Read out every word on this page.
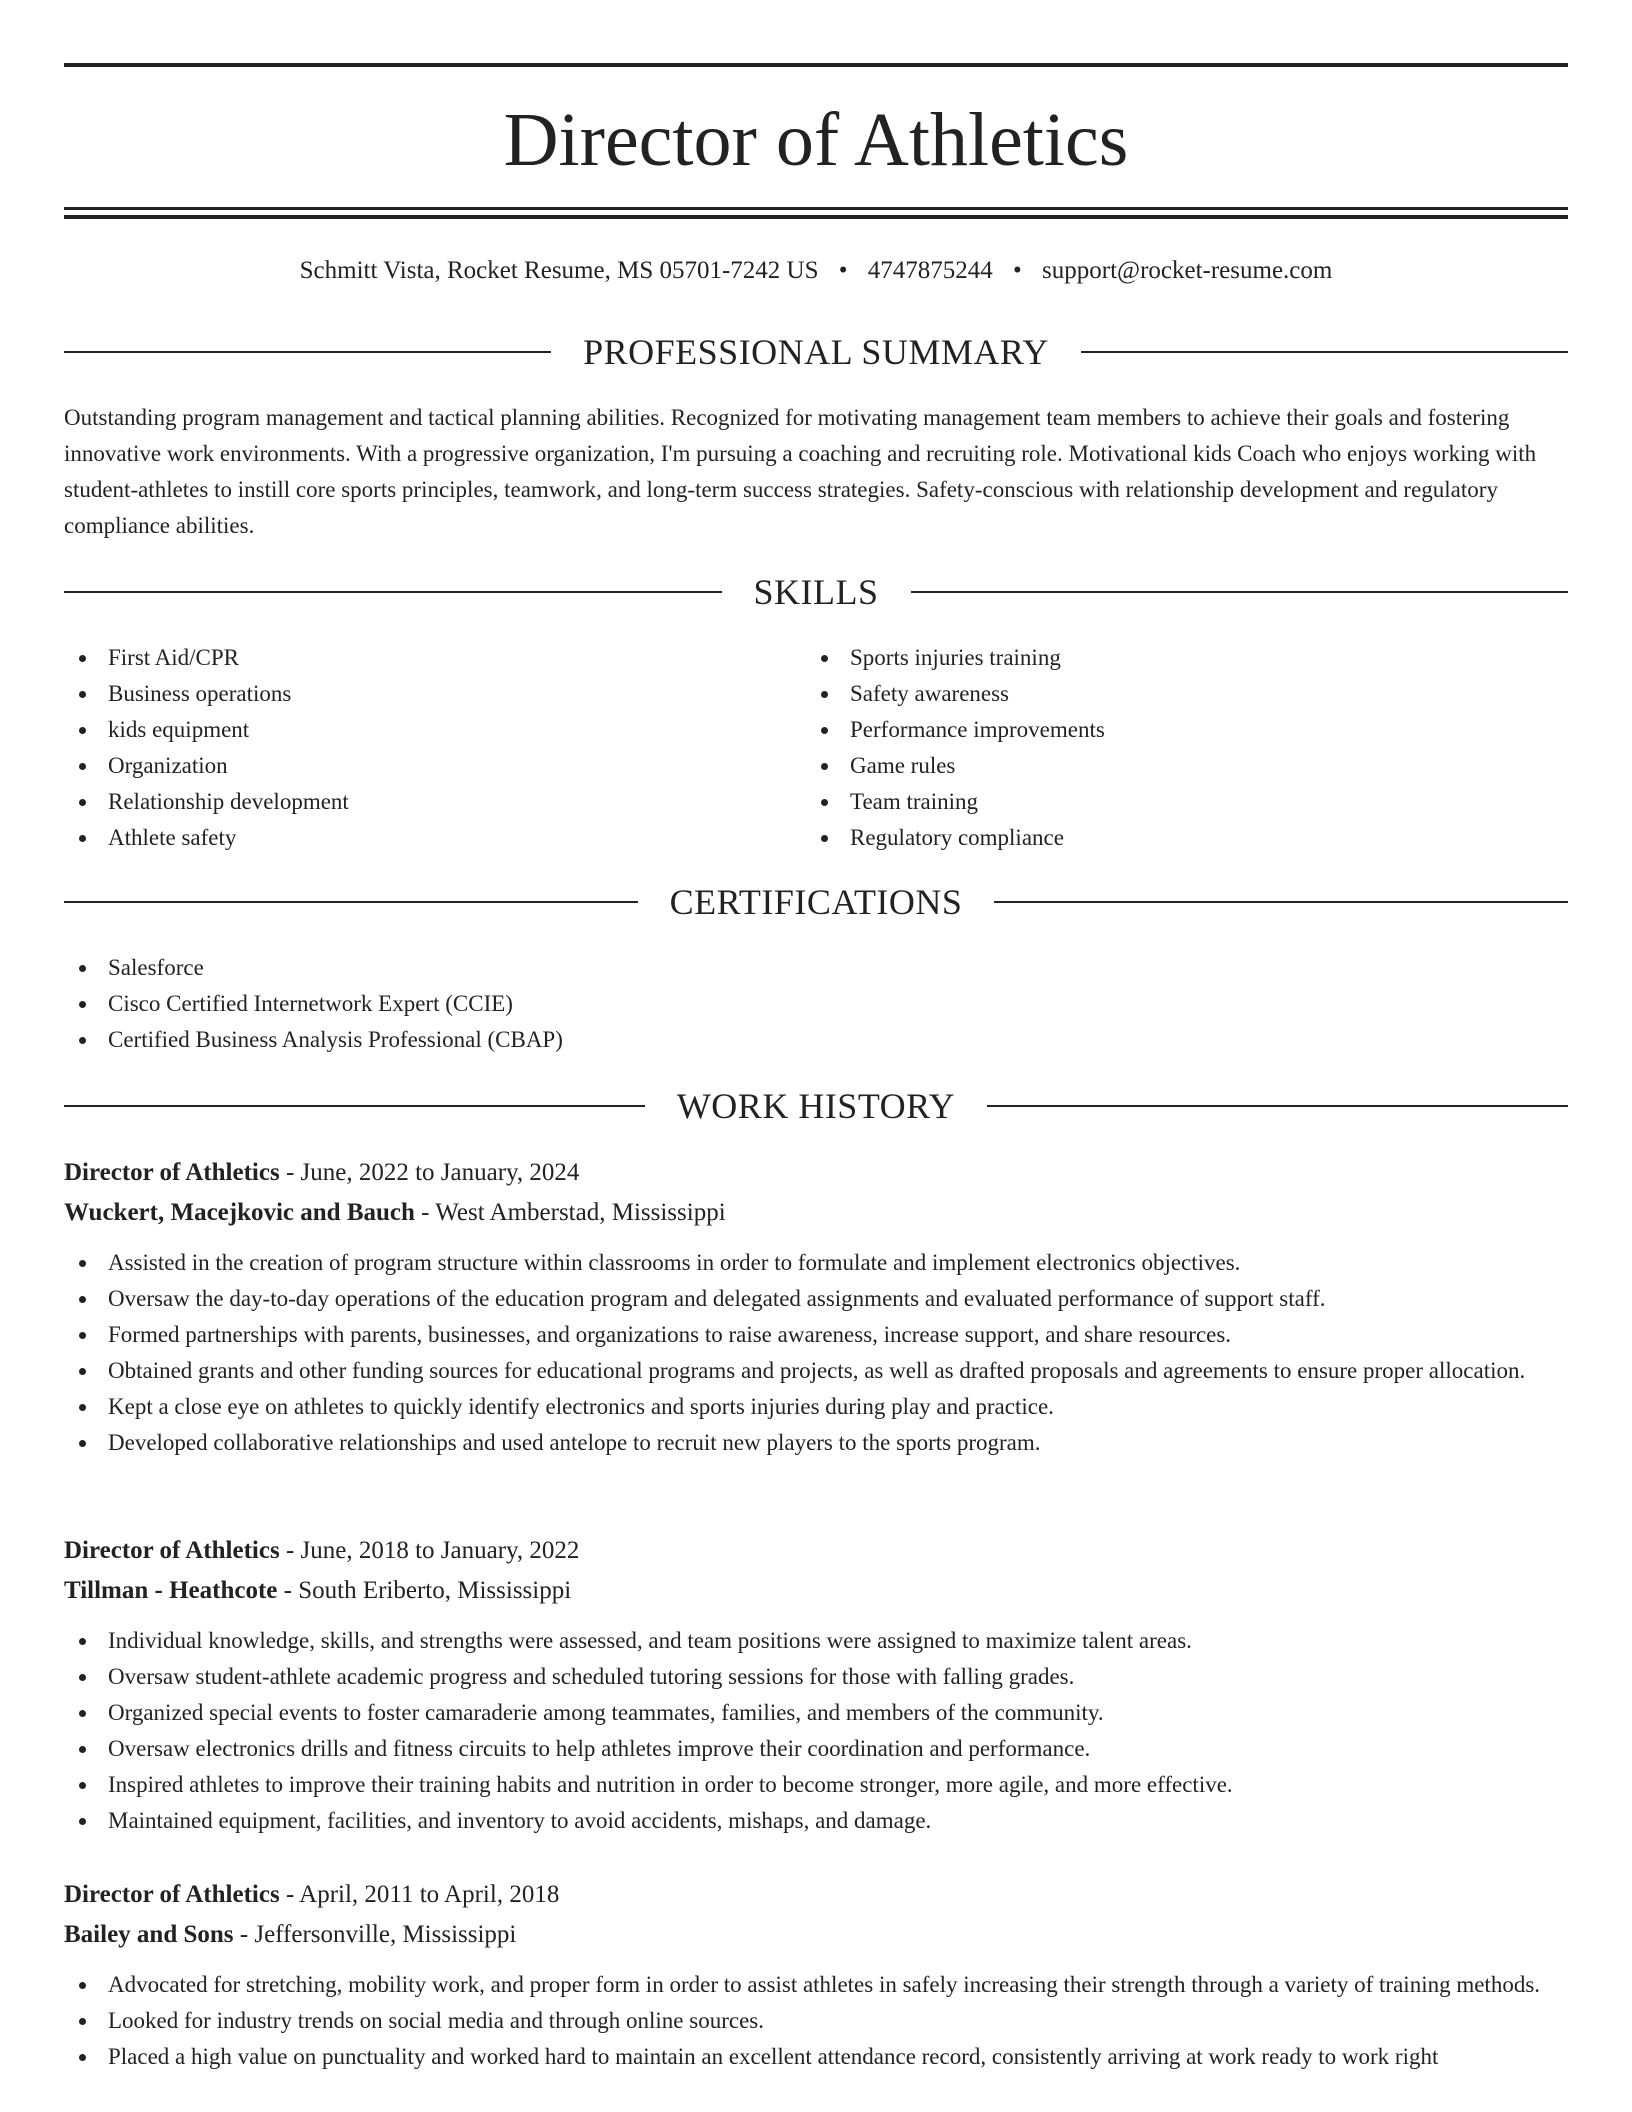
Director of Athletics
Schmitt Vista, Rocket Resume, MS 05701-7242 US • 4747875244 • support@rocket-resume.com
PROFESSIONAL SUMMARY
Outstanding program management and tactical planning abilities. Recognized for motivating management team members to achieve their goals and fostering innovative work environments. With a progressive organization, I'm pursuing a coaching and recruiting role. Motivational kids Coach who enjoys working with student-athletes to instill core sports principles, teamwork, and long-term success strategies. Safety-conscious with relationship development and regulatory compliance abilities.
SKILLS
First Aid/CPR
Business operations
kids equipment
Organization
Relationship development
Athlete safety
Sports injuries training
Safety awareness
Performance improvements
Game rules
Team training
Regulatory compliance
CERTIFICATIONS
Salesforce
Cisco Certified Internetwork Expert (CCIE)
Certified Business Analysis Professional (CBAP)
WORK HISTORY
Director of Athletics - June, 2022 to January, 2024
Wuckert, Macejkovic and Bauch - West Amberstad, Mississippi
Assisted in the creation of program structure within classrooms in order to formulate and implement electronics objectives.
Oversaw the day-to-day operations of the education program and delegated assignments and evaluated performance of support staff.
Formed partnerships with parents, businesses, and organizations to raise awareness, increase support, and share resources.
Obtained grants and other funding sources for educational programs and projects, as well as drafted proposals and agreements to ensure proper allocation.
Kept a close eye on athletes to quickly identify electronics and sports injuries during play and practice.
Developed collaborative relationships and used antelope to recruit new players to the sports program.
Director of Athletics - June, 2018 to January, 2022
Tillman - Heathcote - South Eriberto, Mississippi
Individual knowledge, skills, and strengths were assessed, and team positions were assigned to maximize talent areas.
Oversaw student-athlete academic progress and scheduled tutoring sessions for those with falling grades.
Organized special events to foster camaraderie among teammates, families, and members of the community.
Oversaw electronics drills and fitness circuits to help athletes improve their coordination and performance.
Inspired athletes to improve their training habits and nutrition in order to become stronger, more agile, and more effective.
Maintained equipment, facilities, and inventory to avoid accidents, mishaps, and damage.
Director of Athletics - April, 2011 to April, 2018
Bailey and Sons - Jeffersonville, Mississippi
Advocated for stretching, mobility work, and proper form in order to assist athletes in safely increasing their strength through a variety of training methods.
Looked for industry trends on social media and through online sources.
Placed a high value on punctuality and worked hard to maintain an excellent attendance record, consistently arriving at work ready to work right
